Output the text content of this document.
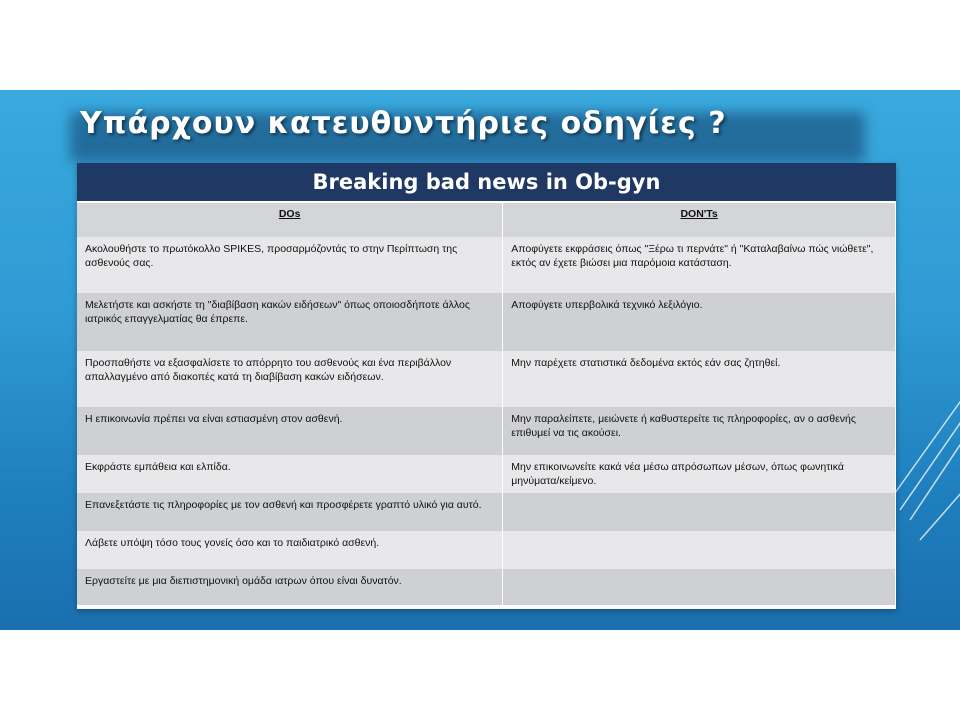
Υπάρχουν κατευθυντήριες οδηγίες ?
Breaking bad news in Ob-gyn
DOs	DON'Ts
Ακολουθήστε το πρωτόκολλο SPIKES, προσαρμόζοντάς το στην Περίπτωση της ασθενούς σας.	Αποφύγετε εκφράσεις όπως "Ξέρω τι περνάτε" ή "Καταλαβαίνω πώς νιώθετε", εκτός αν έχετε βιώσει μια παρόμοια κατάσταση.
Μελετήστε και ασκήστε τη "διαβίβαση κακών ειδήσεων" όπως οποιοσδήποτε άλλος ιατρικός επαγγελματίας θα έπρεπε.	Αποφύγετε υπερβολικά τεχνικό λεξιλόγιο.
Προσπαθήστε να εξασφαλίσετε το απόρρητο του ασθενούς και ένα περιβάλλον απαλλαγμένο από διακοπές κατά τη διαβίβαση κακών ειδήσεων.	Μην παρέχετε στατιστικά δεδομένα εκτός εάν σας ζητηθεί.
Η επικοινωνία πρέπει να είναι εστιασμένη στον ασθενή.	Μην παραλείπετε, μειώνετε ή καθυστερείτε τις πληροφορίες, αν ο ασθενής επιθυμεί να τις ακούσει.
Εκφράστε εμπάθεια και ελπίδα.	Μην επικοινωνείτε κακά νέα μέσω απρόσωπων μέσων, όπως φωνητικά μηνύματα/κείμενο.
Επανεξετάστε τις πληροφορίες με τον ασθενή και προσφέρετε γραπτό υλικό για αυτό.	
Λάβετε υπόψη τόσο τους γονείς όσο και το παιδιατρικό ασθενή.	
Εργαστείτε με μια διεπιστημονική ομάδα ιατρων όπου είναι δυνατόν.	
